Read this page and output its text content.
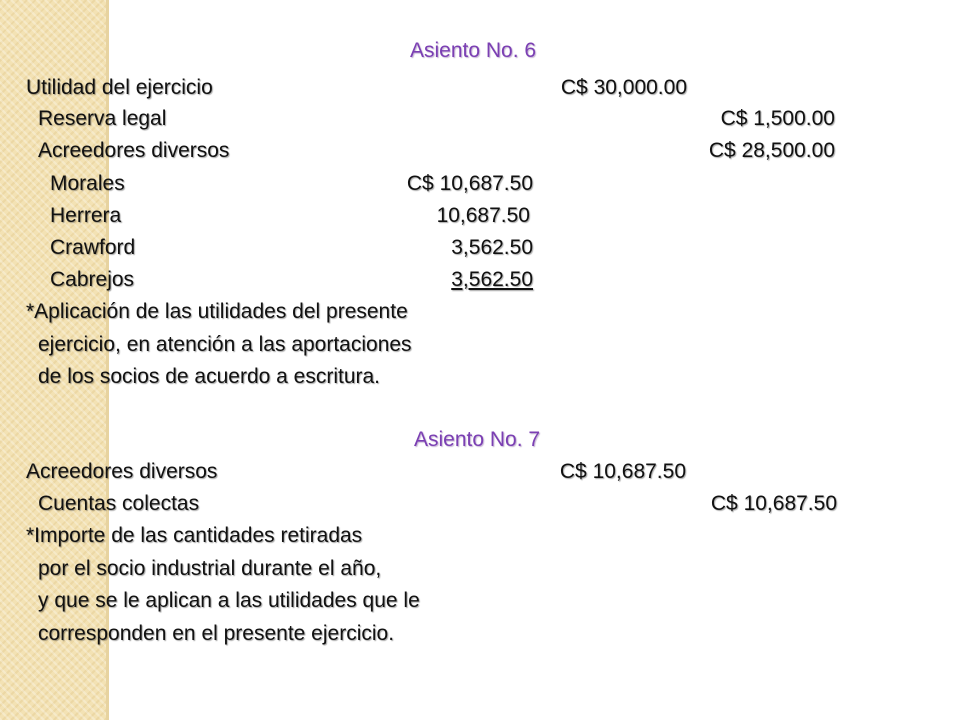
Asiento No. 6
Utilidad del ejercicio	C$ 30,000.00
Reserva legal	C$ 1,500.00
Acreedores diversos	C$ 28,500.00
Morales	C$ 10,687.50
Herrera	10,687.50
Crawford	3,562.50
Cabrejos	3,562.50
*Aplicación de las utilidades del presente
ejercicio, en atención a las aportaciones
de los socios de acuerdo a escritura.
Asiento No. 7
Acreedores diversos	C$ 10,687.50
Cuentas colectas	C$ 10,687.50
*Importe de las cantidades retiradas
por el socio industrial durante el año,
y que se le aplican a las utilidades que le
corresponden en el presente ejercicio.
